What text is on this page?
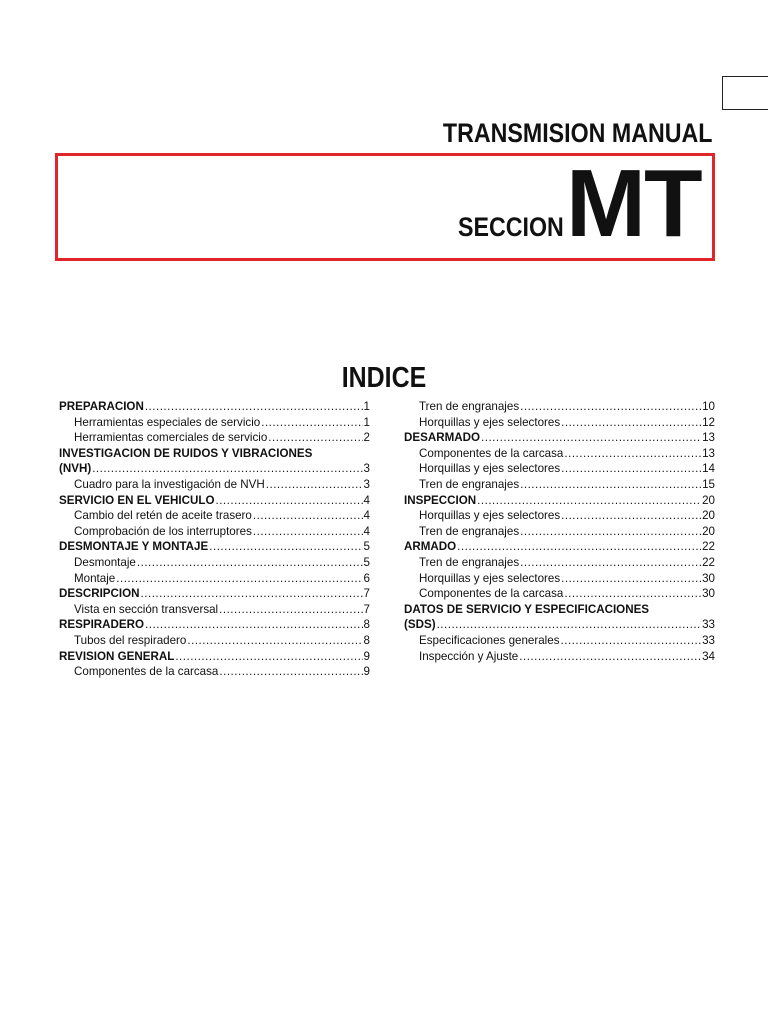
TRANSMISION MANUAL
SECCION MT
INDICE
PREPARACION .....	1
Herramientas especiales de servicio .....	1
Herramientas comerciales de servicio .....	2
INVESTIGACION DE RUIDOS Y VIBRACIONES
(NVH) .....	3
Cuadro para la investigación de NVH .....	3
SERVICIO EN EL VEHICULO .....	4
Cambio del retén de aceite trasero .....	4
Comprobación de los interruptores .....	4
DESMONTAJE Y MONTAJE .....	5
Desmontaje .....	5
Montaje .....	6
DESCRIPCION .....	7
Vista en sección transversal .....	7
RESPIRADERO .....	8
Tubos del respiradero .....	8
REVISION GENERAL .....	9
Componentes de la carcasa .....	9
Tren de engranajes .....	10
Horquillas y ejes selectores .....	12
DESARMADO .....	13
Componentes de la carcasa .....	13
Horquillas y ejes selectores .....	14
Tren de engranajes .....	15
INSPECCION .....	20
Horquillas y ejes selectores .....	20
Tren de engranajes .....	20
ARMADO .....	22
Tren de engranajes .....	22
Horquillas y ejes selectores .....	30
Componentes de la carcasa .....	30
DATOS DE SERVICIO Y ESPECIFICACIONES
(SDS) .....	33
Especificaciones generales .....	33
Inspección y Ajuste .....	34
